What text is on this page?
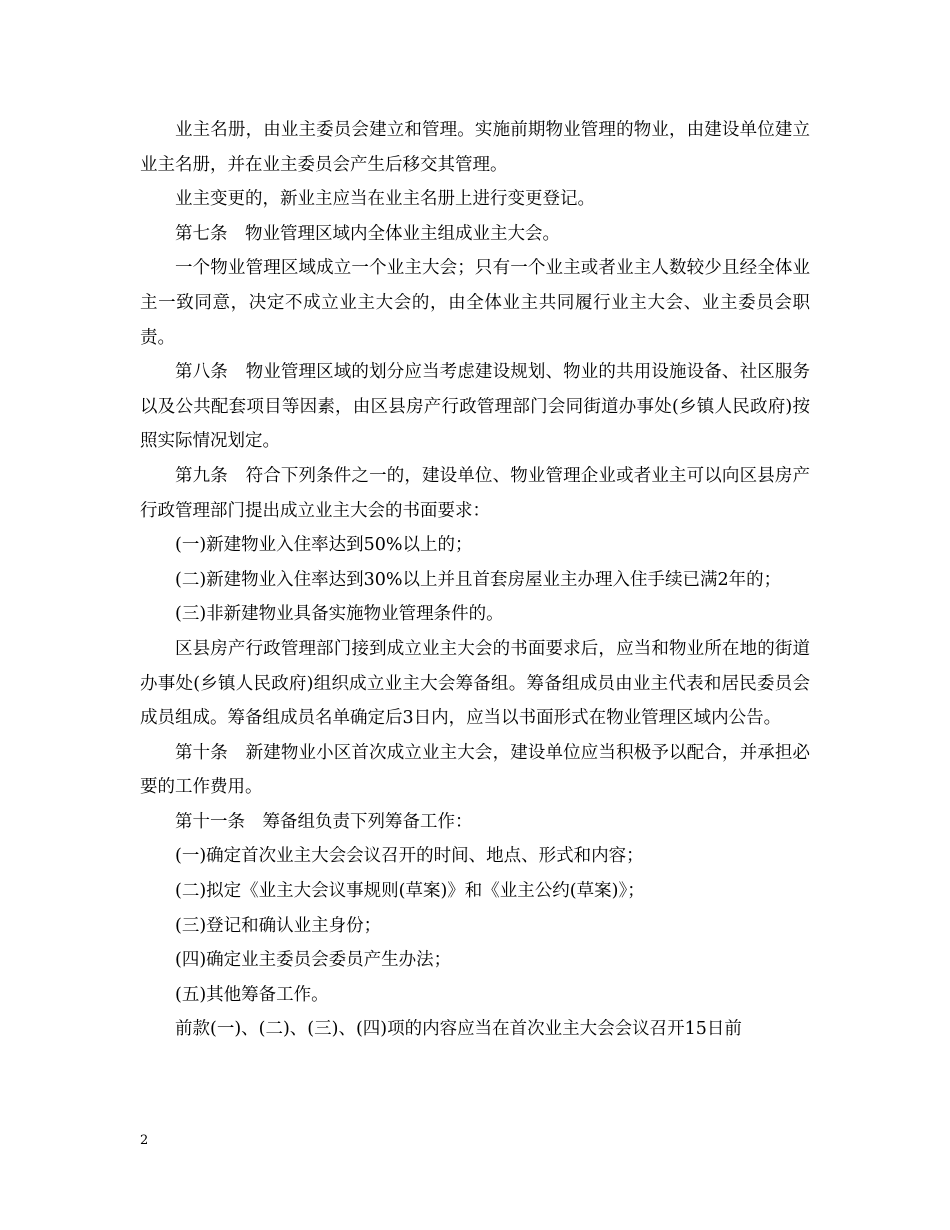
业主名册，由业主委员会建立和管理。实施前期物业管理的物业，由建设单位建立业主名册，并在业主委员会产生后移交其管理。

业主变更的，新业主应当在业主名册上进行变更登记。

第七条　物业管理区域内全体业主组成业主大会。

一个物业管理区域成立一个业主大会；只有一个业主或者业主人数较少且经全体业主一致同意，决定不成立业主大会的，由全体业主共同履行业主大会、业主委员会职责。

第八条　物业管理区域的划分应当考虑建设规划、物业的共用设施设备、社区服务以及公共配套项目等因素，由区县房产行政管理部门会同街道办事处(乡镇人民政府)按照实际情况划定。

第九条　符合下列条件之一的，建设单位、物业管理企业或者业主可以向区县房产行政管理部门提出成立业主大会的书面要求：

(一)新建物业入住率达到50%以上的；

(二)新建物业入住率达到30%以上并且首套房屋业主办理入住手续已满2年的；

(三)非新建物业具备实施物业管理条件的。

区县房产行政管理部门接到成立业主大会的书面要求后，应当和物业所在地的街道办事处(乡镇人民政府)组织成立业主大会筹备组。筹备组成员由业主代表和居民委员会成员组成。筹备组成员名单确定后3日内，应当以书面形式在物业管理区域内公告。

第十条　新建物业小区首次成立业主大会，建设单位应当积极予以配合，并承担必要的工作费用。

第十一条　筹备组负责下列筹备工作：

(一)确定首次业主大会会议召开的时间、地点、形式和内容；

(二)拟定《业主大会议事规则(草案)》和《业主公约(草案)》；

(三)登记和确认业主身份；

(四)确定业主委员会委员产生办法；

(五)其他筹备工作。

前款(一)、(二)、(三)、(四)项的内容应当在首次业主大会会议召开15日前

2
